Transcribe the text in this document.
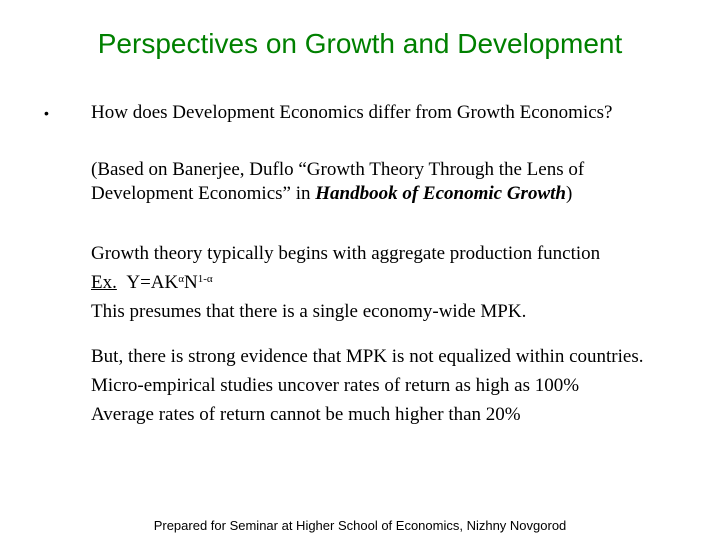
Perspectives on Growth and Development
• How does Development Economics differ from Growth Economics?
(Based on Banerjee, Duflo “Growth Theory Through the Lens of
Development Economics” in Handbook of Economic Growth)
Growth theory typically begins with aggregate production function
Ex. $Y=AK^\alpha N^{1-\alpha}$
This presumes that there is a single economy-wide MPK.
But, there is strong evidence that MPK is not equalized within countries.
Micro-empirical studies uncover rates of return as high as 100%
Average rates of return cannot be much higher than 20%
Prepared for Seminar at Higher School of Economics, Nizhny Novgorod
